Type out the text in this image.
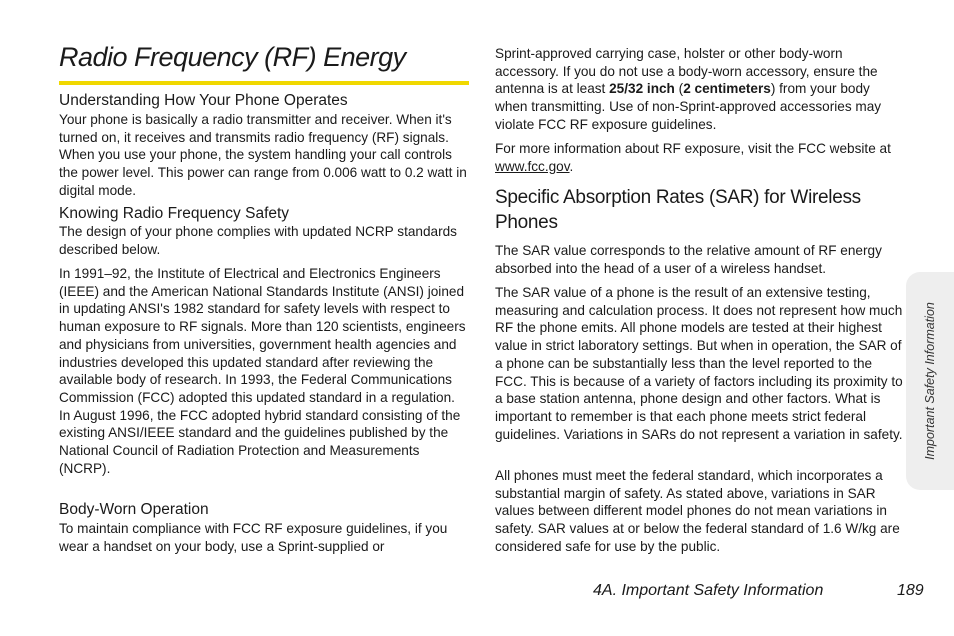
Radio Frequency (RF) Energy
Understanding How Your Phone Operates

Your phone is basically a radio transmitter and receiver. When it's turned on, it receives and transmits radio frequency (RF) signals. When you use your phone, the system handling your call controls the power level. This power can range from 0.006 watt to 0.2 watt in digital mode.

Knowing Radio Frequency Safety

The design of your phone complies with updated NCRP standards described below.

In 1991–92, the Institute of Electrical and Electronics Engineers (IEEE) and the American National Standards Institute (ANSI) joined in updating ANSI's 1982 standard for safety levels with respect to human exposure to RF signals. More than 120 scientists, engineers and physicians from universities, government health agencies and industries developed this updated standard after reviewing the available body of research. In 1993, the Federal Communications Commission (FCC) adopted this updated standard in a regulation. In August 1996, the FCC adopted hybrid standard consisting of the existing ANSI/IEEE standard and the guidelines published by the National Council of Radiation Protection and Measurements (NCRP).

Body-Worn Operation

To maintain compliance with FCC RF exposure guidelines, if you wear a handset on your body, use a Sprint-supplied or

Sprint-approved carrying case, holster or other body-worn accessory. If you do not use a body-worn accessory, ensure the antenna is at least 25/32 inch (2 centimeters) from your body when transmitting. Use of non-Sprint-approved accessories may violate FCC RF exposure guidelines.

For more information about RF exposure, visit the FCC website at www.fcc.gov.

Specific Absorption Rates (SAR) for Wireless Phones

The SAR value corresponds to the relative amount of RF energy absorbed into the head of a user of a wireless handset.

The SAR value of a phone is the result of an extensive testing, measuring and calculation process. It does not represent how much RF the phone emits. All phone models are tested at their highest value in strict laboratory settings. But when in operation, the SAR of a phone can be substantially less than the level reported to the FCC. This is because of a variety of factors including its proximity to a base station antenna, phone design and other factors. What is important to remember is that each phone meets strict federal guidelines. Variations in SARs do not represent a variation in safety.

All phones must meet the federal standard, which incorporates a substantial margin of safety. As stated above, variations in SAR values between different model phones do not mean variations in safety. SAR values at or below the federal standard of 1.6 W/kg are considered safe for use by the public.

Important Safety Information

4A. Important Safety Information	189
